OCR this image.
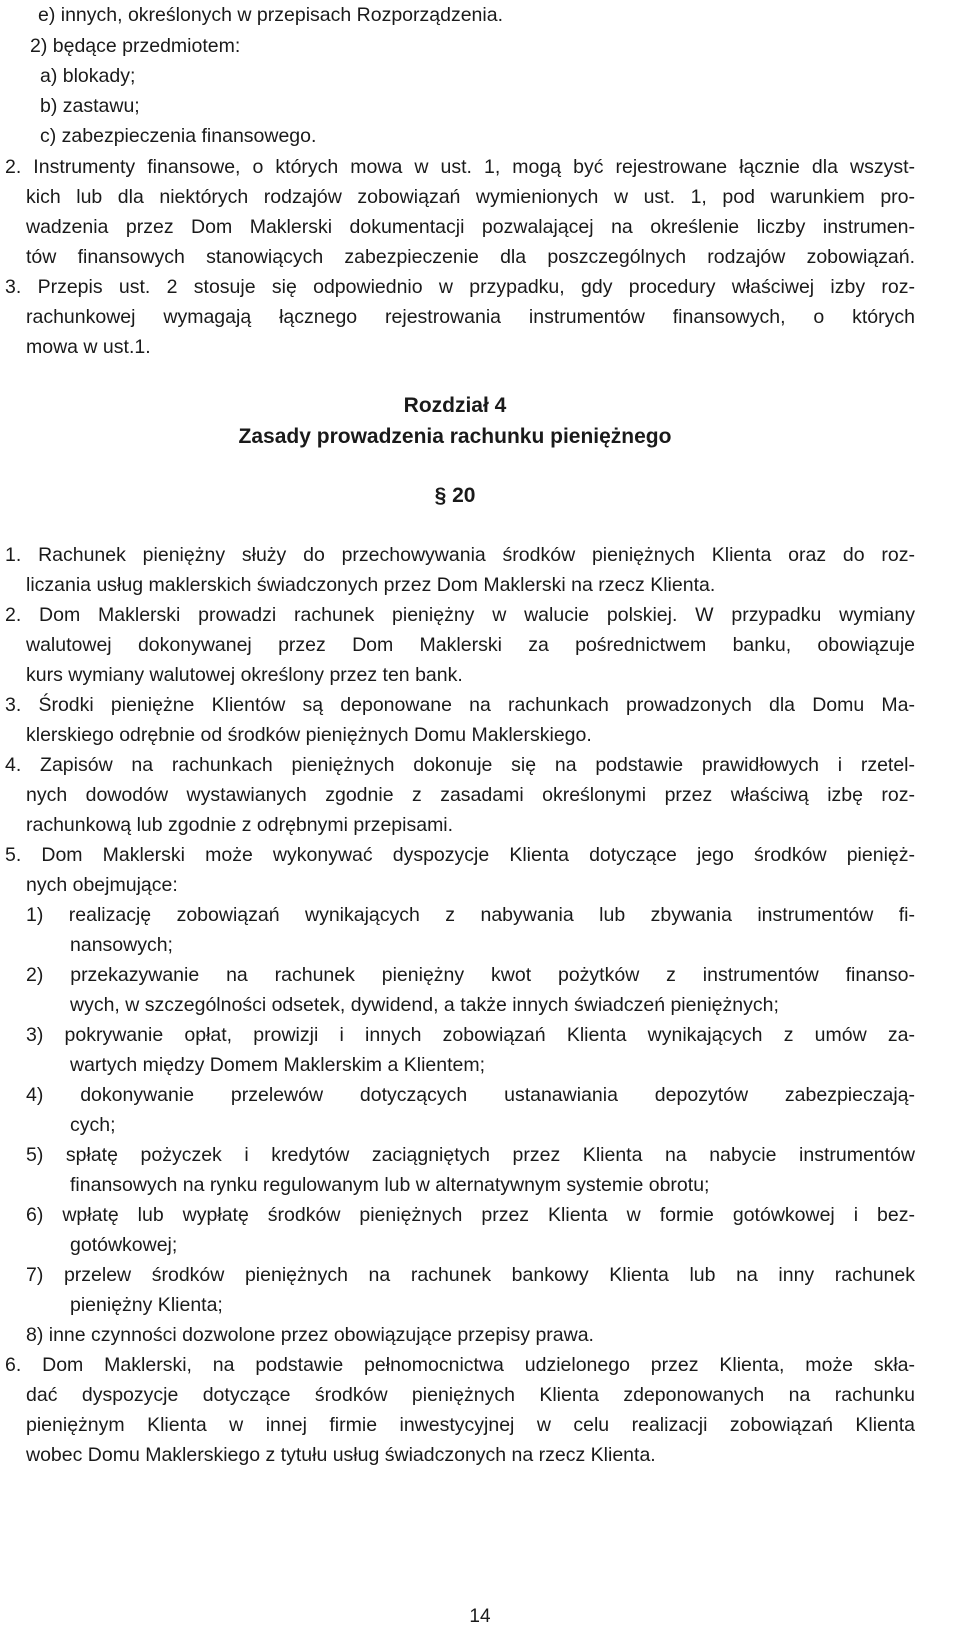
e) innych, określonych w przepisach Rozporządzenia.
2) będące przedmiotem:
a) blokady;
b) zastawu;
c) zabezpieczenia finansowego.
2. Instrumenty finansowe, o których mowa w ust. 1, mogą być rejestrowane łącznie dla wszyst-
kich lub dla niektórych rodzajów zobowiązań wymienionych w ust. 1, pod warunkiem pro-
wadzenia przez Dom Maklerski dokumentacji pozwalającej na określenie liczby instrumen-
tów finansowych stanowiących zabezpieczenie dla poszczególnych rodzajów zobowiązań.
3. Przepis ust. 2 stosuje się odpowiednio w przypadku, gdy procedury właściwej izby roz-
rachunkowej wymagają łącznego rejestrowania instrumentów finansowych, o których
mowa w ust.1.
Rozdział 4
Zasady prowadzenia rachunku pieniężnego
§ 20
1. Rachunek pieniężny służy do przechowywania środków pieniężnych Klienta oraz do roz-
liczania usług maklerskich świadczonych przez Dom Maklerski na rzecz Klienta.
2. Dom Maklerski prowadzi rachunek pieniężny w walucie polskiej. W przypadku wymiany
walutowej dokonywanej przez Dom Maklerski za pośrednictwem banku, obowiązuje
kurs wymiany walutowej określony przez ten bank.
3. Środki pieniężne Klientów są deponowane na rachunkach prowadzonych dla Domu Ma-
klerskiego odrębnie od środków pieniężnych Domu Maklerskiego.
4. Zapisów na rachunkach pieniężnych dokonuje się na podstawie prawidłowych i rzetel-
nych dowodów wystawianych zgodnie z zasadami określonymi przez właściwą izbę roz-
rachunkową lub zgodnie z odrębnymi przepisami.
5. Dom Maklerski może wykonywać dyspozycje Klienta dotyczące jego środków pienięż-
nych obejmujące:
1) realizację zobowiązań wynikających z nabywania lub zbywania instrumentów fi-
nansowych;
2) przekazywanie na rachunek pieniężny kwot pożytków z instrumentów finanso-
wych, w szczególności odsetek, dywidend, a także innych świadczeń pieniężnych;
3) pokrywanie opłat, prowizji i innych zobowiązań Klienta wynikających z umów za-
wartych między Domem Maklerskim a Klientem;
4) dokonywanie przelewów dotyczących ustanawiania depozytów zabezpieczają-
cych;
5) spłatę pożyczek i kredytów zaciągniętych przez Klienta na nabycie instrumentów
finansowych na rynku regulowanym lub w alternatywnym systemie obrotu;
6) wpłatę lub wypłatę środków pieniężnych przez Klienta w formie gotówkowej i bez-
gotówkowej;
7) przelew środków pieniężnych na rachunek bankowy Klienta lub na inny rachunek
pieniężny Klienta;
8) inne czynności dozwolone przez obowiązujące przepisy prawa.
6. Dom Maklerski, na podstawie pełnomocnictwa udzielonego przez Klienta, może skła-
dać dyspozycje dotyczące środków pieniężnych Klienta zdeponowanych na rachunku
pieniężnym Klienta w innej firmie inwestycyjnej w celu realizacji zobowiązań Klienta
wobec Domu Maklerskiego z tytułu usług świadczonych na rzecz Klienta.
14
